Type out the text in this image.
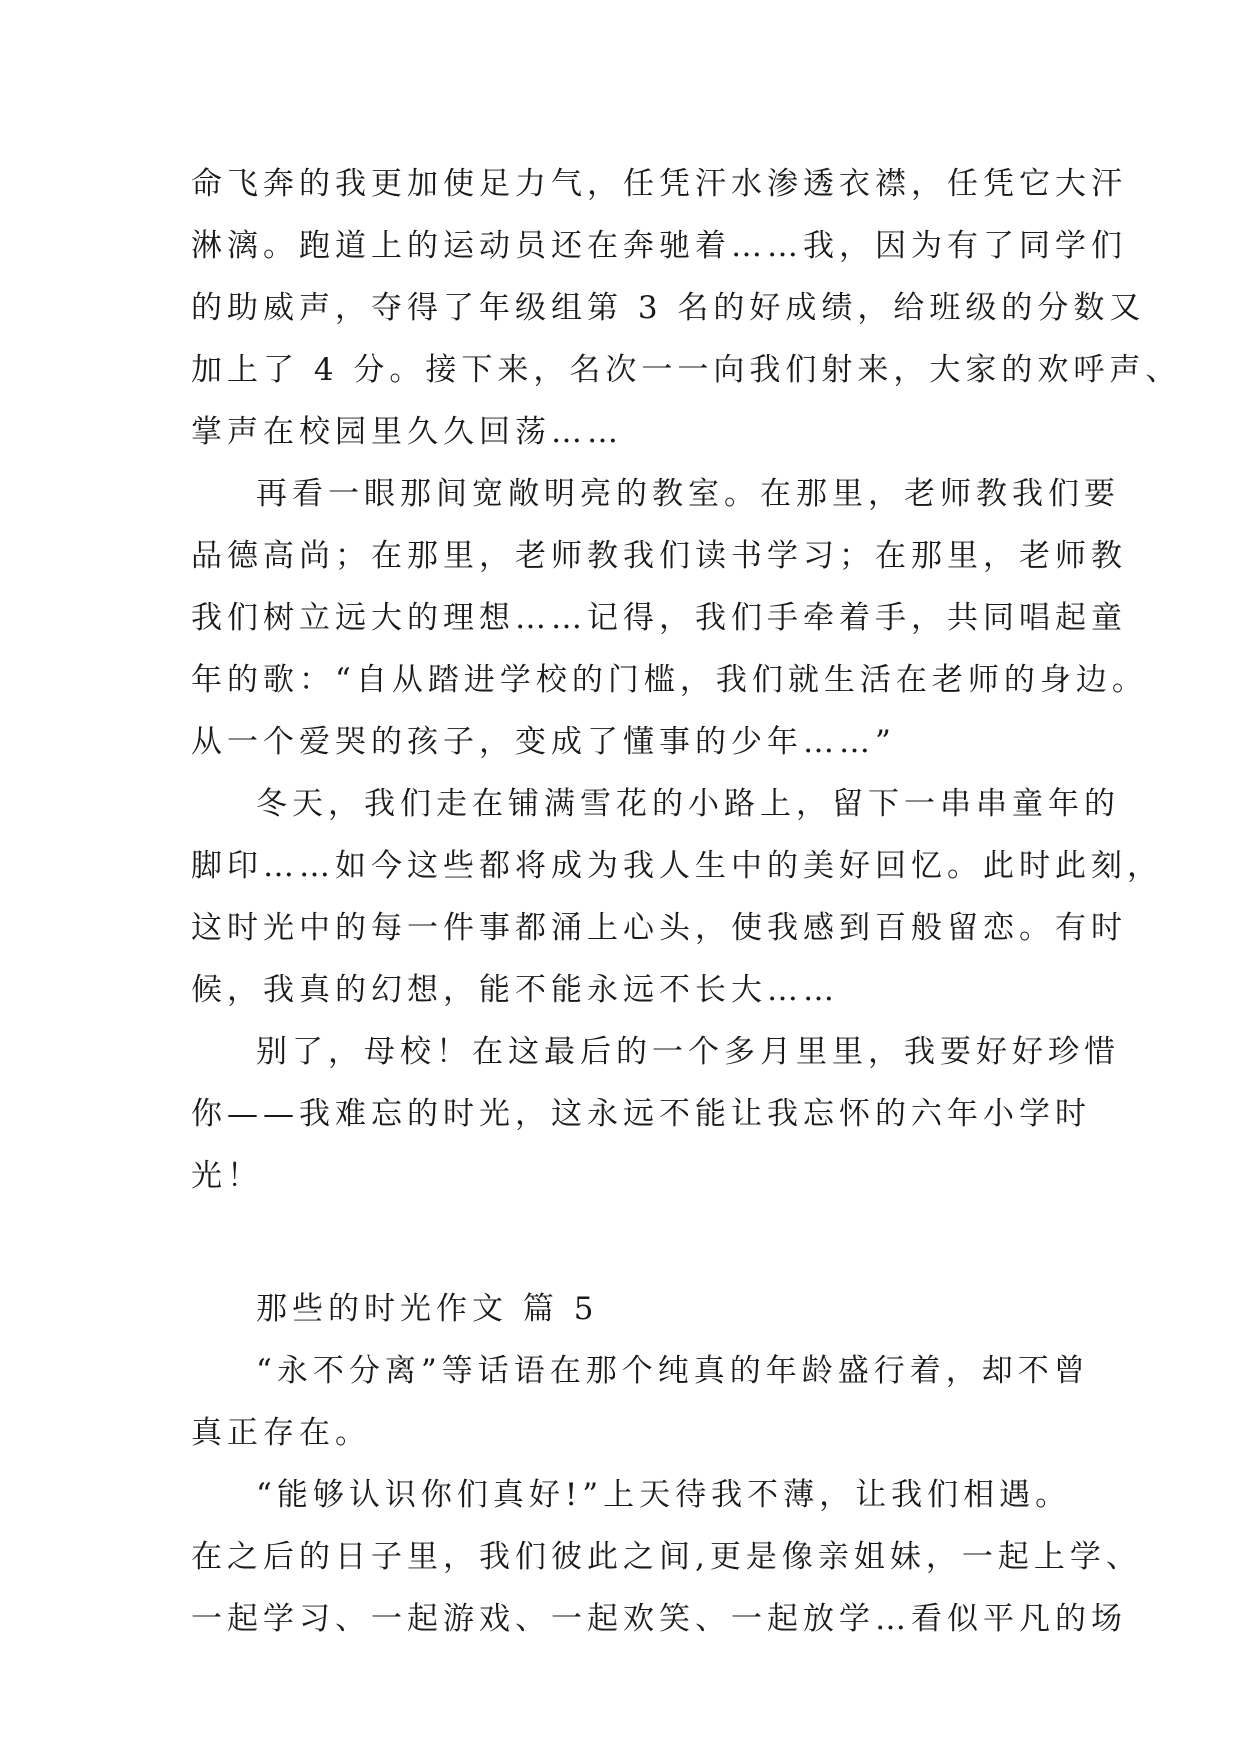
命飞奔的我更加使足力气，任凭汗水渗透衣襟，任凭它大汗
淋漓。跑道上的运动员还在奔驰着……我，因为有了同学们
的助威声，夺得了年级组第 3 名的好成绩，给班级的分数又
加上了 4 分。接下来，名次一一向我们射来，大家的欢呼声、
掌声在校园里久久回荡……
再看一眼那间宽敞明亮的教室。在那里，老师教我们要
品德高尚；在那里，老师教我们读书学习；在那里，老师教
我们树立远大的理想……记得，我们手牵着手，共同唱起童
年的歌：“自从踏进学校的门槛，我们就生活在老师的身边。
从一个爱哭的孩子，变成了懂事的少年……”
冬天，我们走在铺满雪花的小路上，留下一串串童年的
脚印……如今这些都将成为我人生中的美好回忆。此时此刻，
这时光中的每一件事都涌上心头，使我感到百般留恋。有时
候，我真的幻想，能不能永远不长大……
别了，母校！在这最后的一个多月里里，我要好好珍惜
你——我难忘的时光，这永远不能让我忘怀的六年小学时
光！
那些的时光作文 篇 5
“永不分离”等话语在那个纯真的年龄盛行着，却不曾
真正存在。
“能够认识你们真好!”上天待我不薄，让我们相遇。
在之后的日子里，我们彼此之间,更是像亲姐妹，一起上学、
一起学习、一起游戏、一起欢笑、一起放学…看似平凡的场
